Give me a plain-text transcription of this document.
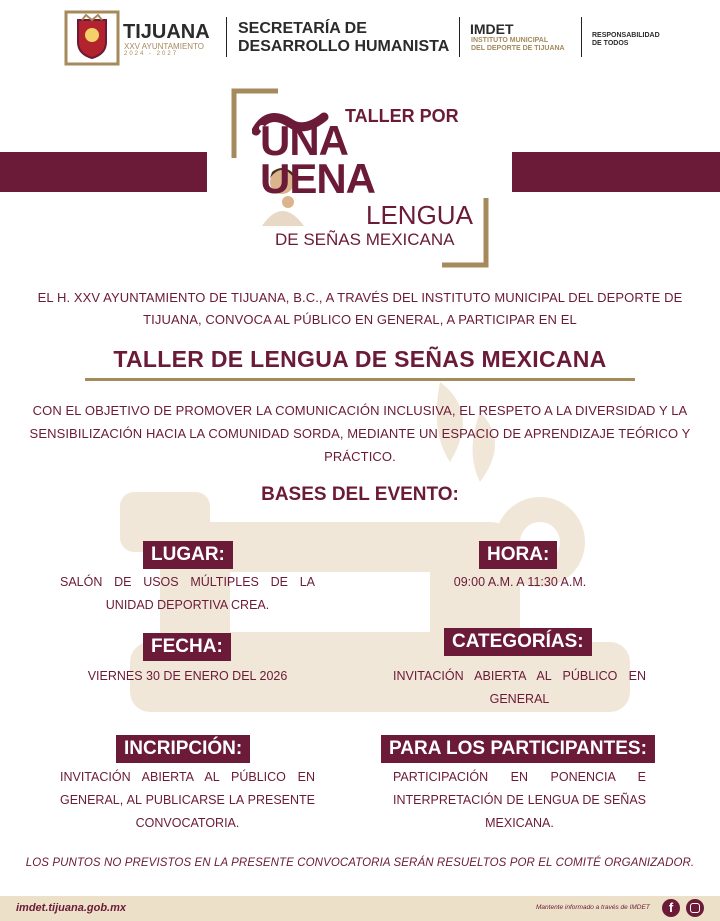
TIJUANA
XXV AYUNTAMIENTO
2024 - 2027
SECRETARÍA DE
DESARROLLO HUMANISTA
IMDET
INSTITUTO MUNICIPAL
DEL DEPORTE DE TIJUANA
RESPONSABILIDAD
DE TODOS
TALLER POR
UNA
UENA
LENGUA
DE SEÑAS MEXICANA
EL H. XXV AYUNTAMIENTO DE TIJUANA, B.C., A TRAVÉS DEL INSTITUTO MUNICIPAL DEL DEPORTE DE
TIJUANA, CONVOCA AL PÚBLICO EN GENERAL, A PARTICIPAR EN EL
TALLER DE LENGUA DE SEÑAS MEXICANA
CON EL OBJETIVO DE PROMOVER LA COMUNICACIÓN INCLUSIVA, EL RESPETO A LA DIVERSIDAD Y LA
SENSIBILIZACIÓN HACIA LA COMUNIDAD SORDA, MEDIANTE UN ESPACIO DE APRENDIZAJE TEÓRICO Y
PRÁCTICO.
BASES DEL EVENTO:
LUGAR:
SALÓN DE USOS MÚLTIPLES DE LA UNIDAD DEPORTIVA CREA.
HORA:
09:00 A.M. A 11:30 A.M.
FECHA:
VIERNES 30 DE ENERO DEL 2026
CATEGORÍAS:
INVITACIÓN ABIERTA AL PÚBLICO EN GENERAL
INCRIPCIÓN:
INVITACIÓN ABIERTA AL PÚBLICO EN GENERAL, AL PUBLICARSE LA PRESENTE CONVOCATORIA.
PARA LOS PARTICIPANTES:
PARTICIPACIÓN EN PONENCIA E INTERPRETACIÓN DE LENGUA DE SEÑAS MEXICANA.
LOS PUNTOS NO PREVISTOS EN LA PRESENTE CONVOCATORIA SERÁN RESUELTOS POR EL COMITÉ ORGANIZADOR.
imdet.tijuana.gob.mx	Mantente informado a través de IMDET	f
